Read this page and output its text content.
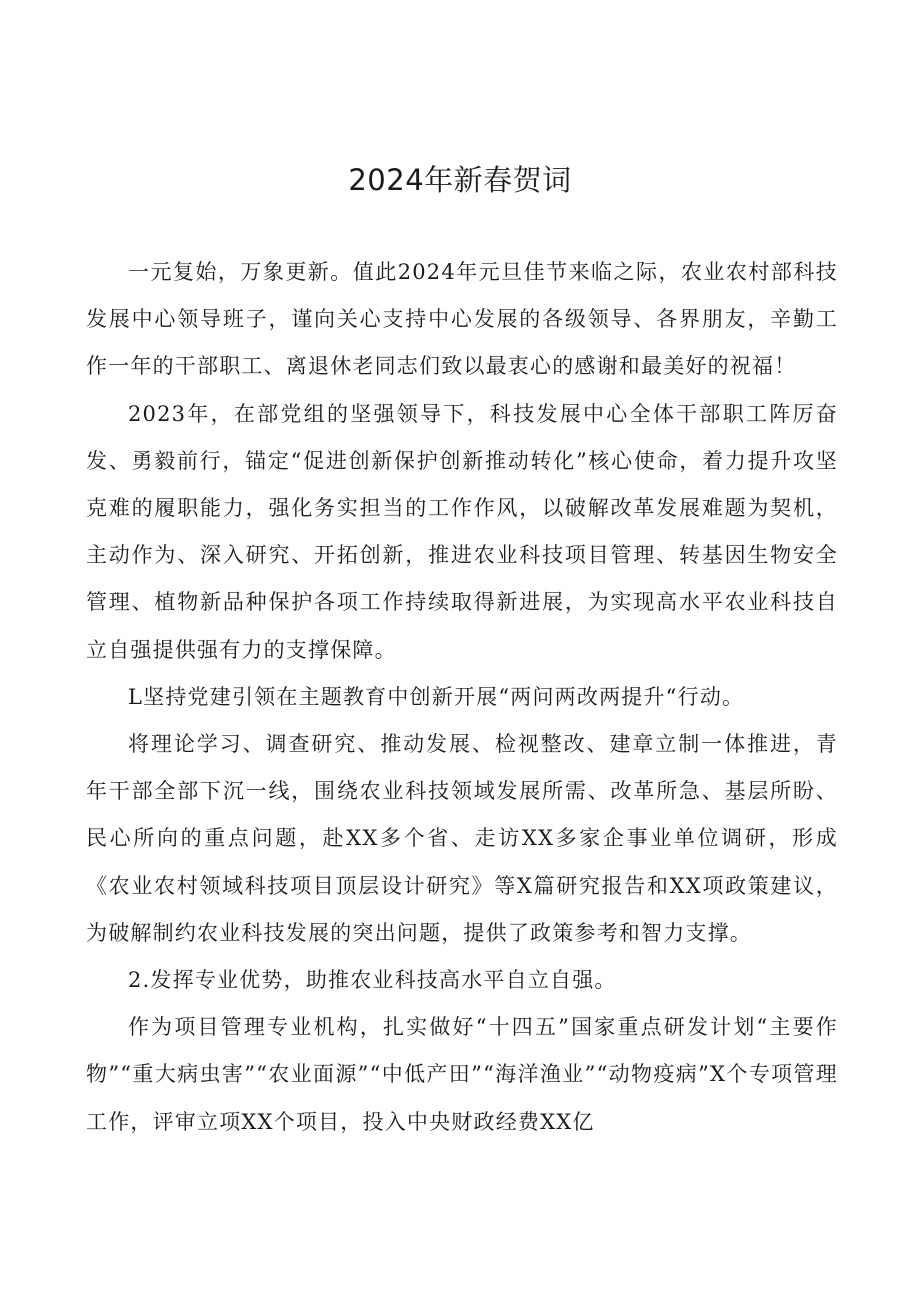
2024年新春贺词

一元复始，万象更新。值此2024年元旦佳节来临之际，农业农村部科技发展中心领导班子，谨向关心支持中心发展的各级领导、各界朋友，辛勤工作一年的干部职工、离退休老同志们致以最衷心的感谢和最美好的祝福！

2023年，在部党组的坚强领导下，科技发展中心全体干部职工阵厉奋发、勇毅前行，锚定“促进创新保护创新推动转化”核心使命，着力提升攻坚克难的履职能力，强化务实担当的工作作风，以破解改革发展难题为契机，主动作为、深入研究、开拓创新，推进农业科技项目管理、转基因生物安全管理、植物新品种保护各项工作持续取得新进展，为实现高水平农业科技自立自强提供强有力的支撑保障。

L坚持党建引领在主题教育中创新开展“两问两改两提升“行动。

将理论学习、调查研究、推动发展、检视整改、建章立制一体推进，青年干部全部下沉一线，围绕农业科技领域发展所需、改革所急、基层所盼、民心所向的重点问题，赴XX多个省、走访XX多家企事业单位调研，形成《农业农村领域科技项目顶层设计研究》等X篇研究报告和XX项政策建议，为破解制约农业科技发展的突出问题，提供了政策参考和智力支撑。

2.发挥专业优势，助推农业科技高水平自立自强。

作为项目管理专业机构，扎实做好“十四五”国家重点研发计划“主要作物”“重大病虫害”“农业面源”“中低产田”“海洋渔业”“动物疫病”X个专项管理工作，评审立项XX个项目，投入中央财政经费XX亿
